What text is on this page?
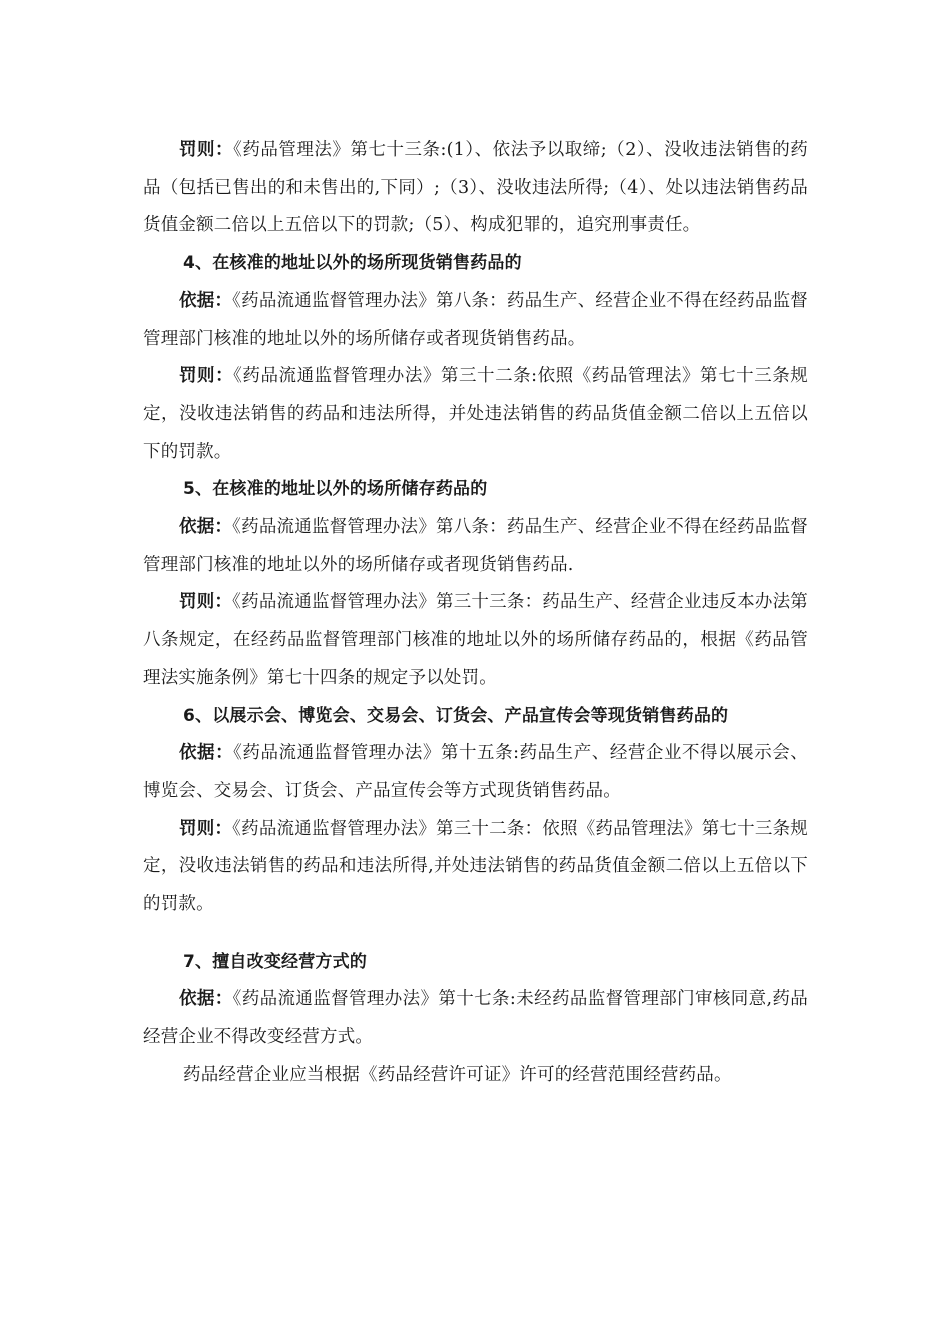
罚则：《药品管理法》第七十三条:(1）、依法予以取缔;（2）、没收违法销售的药品（包括已售出的和未售出的,下同）;（3）、没收违法所得;（4）、处以违法销售药品货值金额二倍以上五倍以下的罚款;（5）、构成犯罪的，追究刑事责任。

4、在核准的地址以外的场所现货销售药品的

依据：《药品流通监督管理办法》第八条：药品生产、经营企业不得在经药品监督管理部门核准的地址以外的场所储存或者现货销售药品。

罚则：《药品流通监督管理办法》第三十二条:依照《药品管理法》第七十三条规定，没收违法销售的药品和违法所得，并处违法销售的药品货值金额二倍以上五倍以下的罚款。

5、在核准的地址以外的场所储存药品的

依据：《药品流通监督管理办法》第八条：药品生产、经营企业不得在经药品监督管理部门核准的地址以外的场所储存或者现货销售药品.

罚则：《药品流通监督管理办法》第三十三条：药品生产、经营企业违反本办法第八条规定，在经药品监督管理部门核准的地址以外的场所储存药品的，根据《药品管理法实施条例》第七十四条的规定予以处罚。

6、以展示会、博览会、交易会、订货会、产品宣传会等现货销售药品的

依据：《药品流通监督管理办法》第十五条:药品生产、经营企业不得以展示会、博览会、交易会、订货会、产品宣传会等方式现货销售药品。

罚则：《药品流通监督管理办法》第三十二条：依照《药品管理法》第七十三条规定，没收违法销售的药品和违法所得,并处违法销售的药品货值金额二倍以上五倍以下的罚款。

7、擅自改变经营方式的

依据：《药品流通监督管理办法》第十七条:未经药品监督管理部门审核同意,药品经营企业不得改变经营方式。

药品经营企业应当根据《药品经营许可证》许可的经营范围经营药品。
